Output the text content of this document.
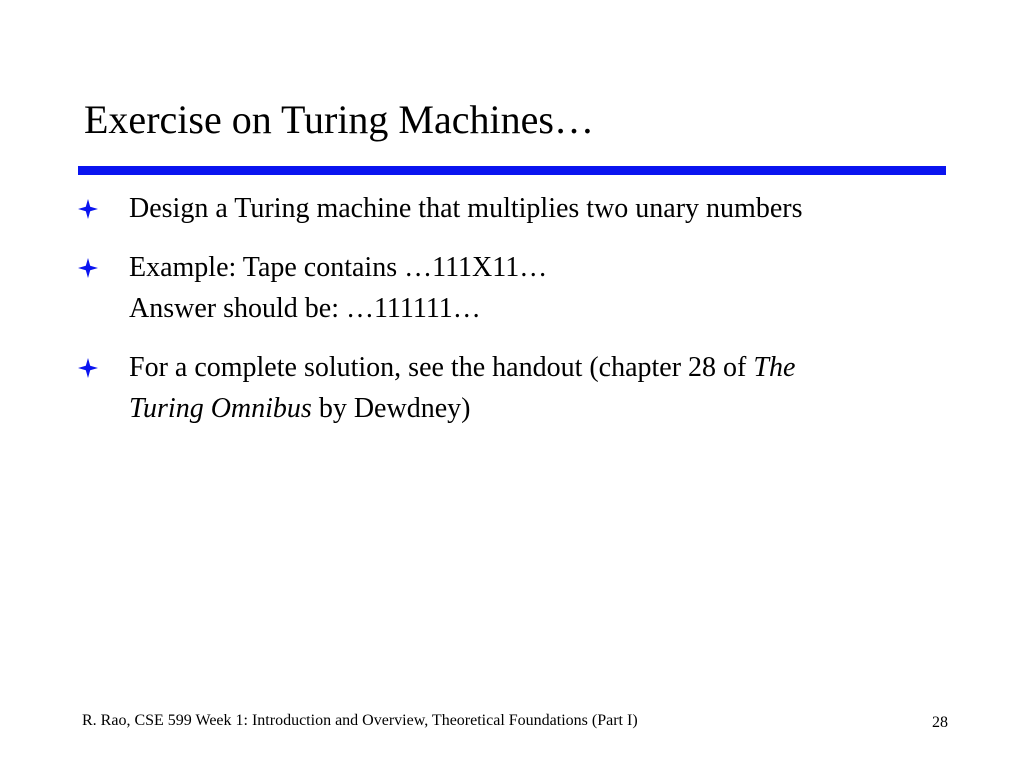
Exercise on Turing Machines…
Design a Turing machine that multiplies two unary numbers
Example: Tape contains …111X11…
Answer should be: …111111…
For a complete solution, see the handout (chapter 28 of The
Turing Omnibus by Dewdney)
R. Rao, CSE 599 Week 1: Introduction and Overview, Theoretical Foundations (Part I)	28
